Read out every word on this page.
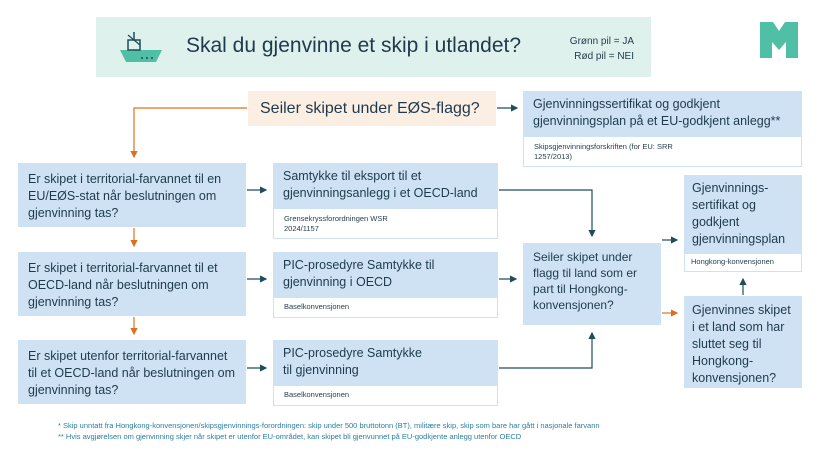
Skal du gjenvinne et skip i utlandet?	Grønn pil = JA
Rød pil = NEI
Seiler skipet under EØS-flagg?	Gjenvinningssertifikat og godkjent gjenvinningsplan på et EU-godkjent anlegg**
Skipsgjenvinningsforskriften (for EU: SRR 1257/2013)
Er skipet i territorial-farvannet til en EU/EØS-stat når beslutningen om gjenvinning tas?
Er skipet i territorial-farvannet til et OECD-land når beslutningen om gjenvinning tas?
Er skipet utenfor territorial-farvannet til et OECD-land når beslutningen om gjenvinning tas?
Samtykke til eksport til et gjenvinningsanlegg i et OECD-land
Grensekryssforordningen WSR 2024/1157
PIC-prosedyre Samtykke til gjenvinning i OECD
Baselkonvensjonen
PIC-prosedyre Samtykke til gjenvinning
Baselkonvensjonen
Seiler skipet under flagg til land som er part til Hongkong-konvensjonen?
Gjenvinnings-sertifikat og godkjent gjenvinningsplan
Hongkong-konvensjonen
Gjenvinnes skipet i et land som har sluttet seg til Hongkong-konvensjonen?
* Skip unntatt fra Hongkong-konvensjonen/skipsgjenvinnings-forordningen: skip under 500 bruttotonn (BT), militære skip, skip som bare har gått i nasjonale farvann
** Hvis avgjørelsen om gjenvinning skjer når skipet er utenfor EU-området, kan skipet bli gjenvunnet på EU-godkjente anlegg utenfor OECD
